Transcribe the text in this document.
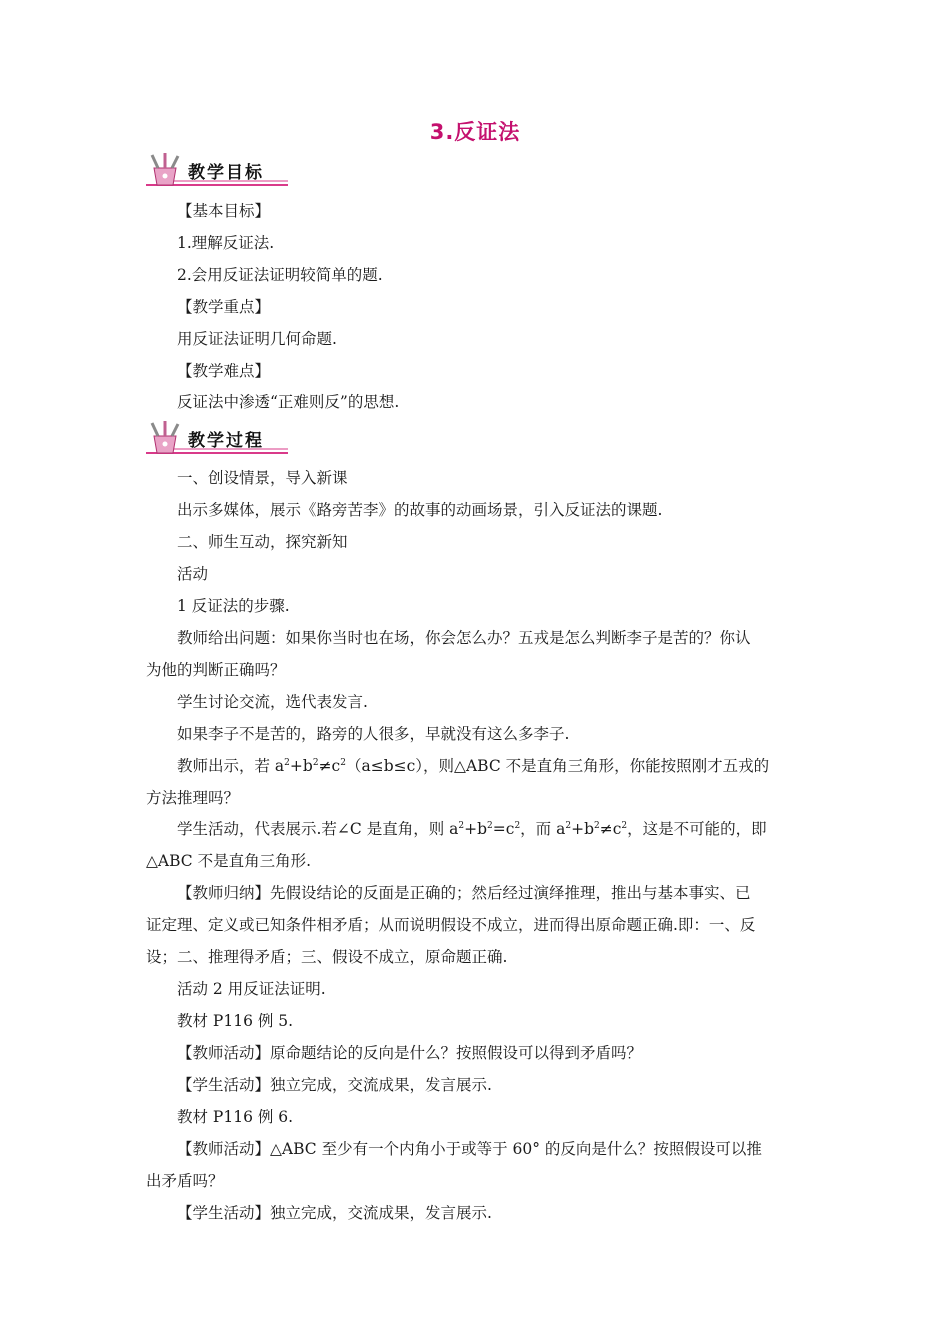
3.反证法
教学目标
【基本目标】
1.理解反证法.
2.会用反证法证明较简单的题.
【教学重点】
用反证法证明几何命题.
【教学难点】
反证法中渗透“正难则反”的思想.
教学过程
一、创设情景，导入新课
出示多媒体，展示《路旁苦李》的故事的动画场景，引入反证法的课题.
二、师生互动，探究新知
活动
1 反证法的步骤.
教师给出问题：如果你当时也在场，你会怎么办？五戎是怎么判断李子是苦的？你认
为他的判断正确吗？
学生讨论交流，选代表发言.
如果李子不是苦的，路旁的人很多，早就没有这么多李子.
教师出示，若 $a^2+b^2\ne c^2(a\le b\le c)$，则△ABC 不是直角三角形，你能按照刚才五戎的
方法推理吗？
学生活动，代表展示.若∠C 是直角，则 $a^2+b^2=c^2$，而 $a^2+b^2\ne c^2$，这是不可能的，即
△ABC 不是直角三角形.
【教师归纳】先假设结论的反面是正确的；然后经过演绎推理，推出与基本事实、已
证定理、定义或已知条件相矛盾；从而说明假设不成立，进而得出原命题正确.即：一、反
设；二、推理得矛盾；三、假设不成立，原命题正确.
活动 2 用反证法证明.
教材 P116 例 5.
【教师活动】原命题结论的反向是什么？按照假设可以得到矛盾吗？
【学生活动】独立完成，交流成果，发言展示.
教材 P116 例 6.
【教师活动】△ABC 至少有一个内角小于或等于 60° 的反向是什么？按照假设可以推
出矛盾吗？
【学生活动】独立完成，交流成果，发言展示.
